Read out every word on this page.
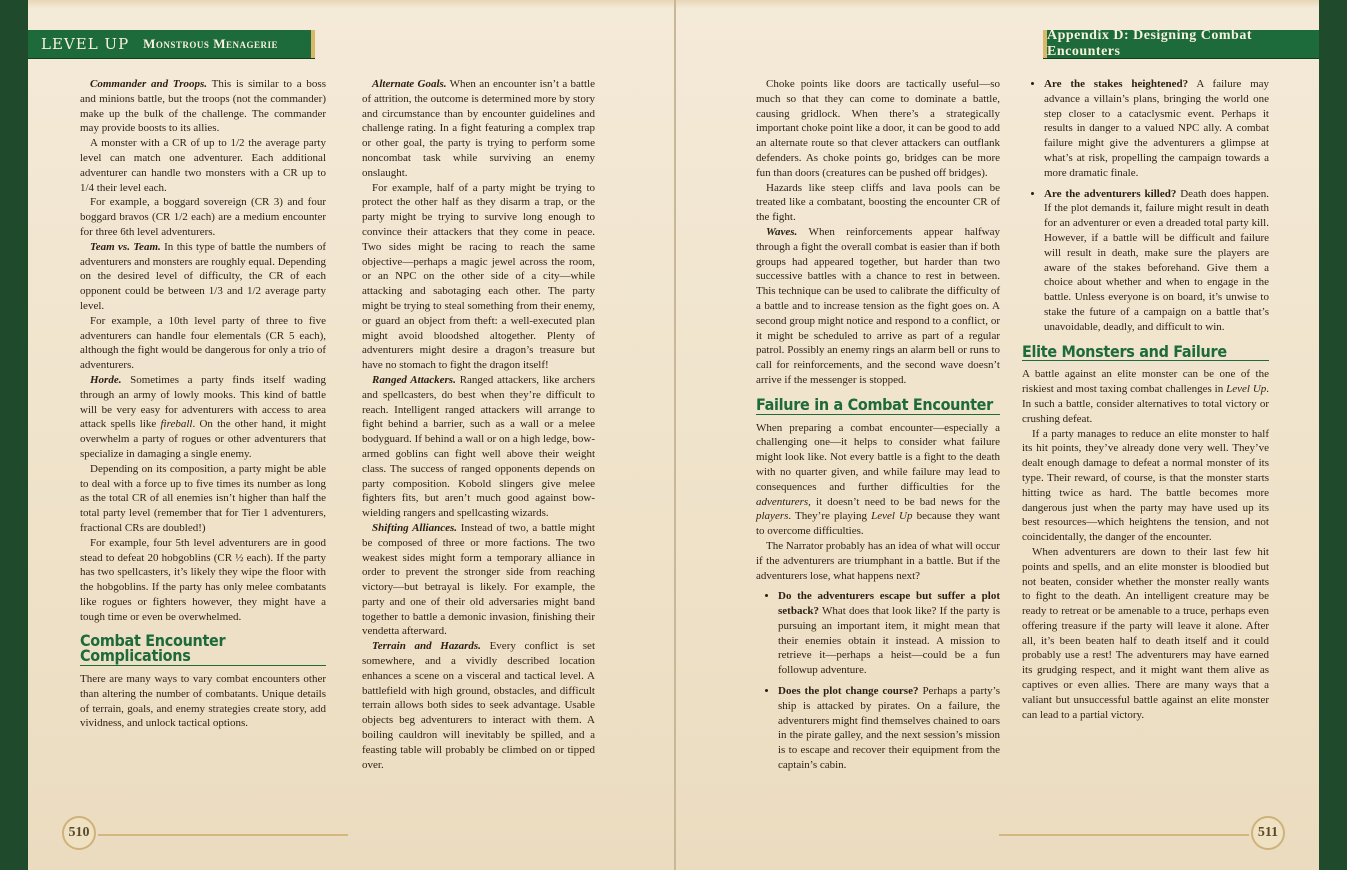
LEVEL UP Monstrous Menagerie

Commander and Troops. This is similar to a boss and minions battle, but the troops (not the commander) make up the bulk of the challenge. The commander may provide boosts to its allies.

A monster with a CR of up to 1/2 the average party level can match one adventurer. Each additional adventurer can handle two monsters with a CR up to 1/4 their level each.

For example, a boggard sovereign (CR 3) and four boggard bravos (CR 1/2 each) are a medium encounter for three 6th level adventurers.

Team vs. Team. In this type of battle the numbers of adventurers and monsters are roughly equal. Depending on the desired level of difficulty, the CR of each opponent could be between 1/3 and 1/2 average party level.

For example, a 10th level party of three to five adventurers can handle four elementals (CR 5 each), although the fight would be dangerous for only a trio of adventurers.

Horde. Sometimes a party finds itself wading through an army of lowly mooks. This kind of battle will be very easy for adventurers with access to area attack spells like fireball. On the other hand, it might overwhelm a party of rogues or other adventurers that specialize in damaging a single enemy.

Depending on its composition, a party might be able to deal with a force up to five times its number as long as the total CR of all enemies isn’t higher than half the total party level (remember that for Tier 1 adventurers, fractional CRs are doubled!)

For example, four 5th level adventurers are in good stead to defeat 20 hobgoblins (CR ½ each). If the party has two spellcasters, it’s likely they wipe the floor with the hobgoblins. If the party has only melee combatants like rogues or fighters however, they might have a tough time or even be overwhelmed.

Combat Encounter Complications

There are many ways to vary combat encounters other than altering the number of combatants. Unique details of terrain, goals, and enemy strategies create story, add vividness, and unlock tactical options.

Alternate Goals. When an encounter isn’t a battle of attrition, the outcome is determined more by story and circumstance than by encounter guidelines and challenge rating. In a fight featuring a complex trap or other goal, the party is trying to perform some noncombat task while surviving an enemy onslaught.

For example, half of a party might be trying to protect the other half as they disarm a trap, or the party might be trying to survive long enough to convince their attackers that they come in peace. Two sides might be racing to reach the same objective—perhaps a magic jewel across the room, or an NPC on the other side of a city—while attacking and sabotaging each other. The party might be trying to steal something from their enemy, or guard an object from theft: a well-executed plan might avoid bloodshed altogether. Plenty of adventurers might desire a dragon’s treasure but have no stomach to fight the dragon itself!

Ranged Attackers. Ranged attackers, like archers and spellcasters, do best when they’re difficult to reach. Intelligent ranged attackers will arrange to fight behind a barrier, such as a wall or a melee bodyguard. If behind a wall or on a high ledge, bow-armed goblins can fight well above their weight class. The success of ranged opponents depends on party composition. Kobold slingers give melee fighters fits, but aren’t much good against bow-wielding rangers and spellcasting wizards.

Shifting Alliances. Instead of two, a battle might be composed of three or more factions. The two weakest sides might form a temporary alliance in order to prevent the stronger side from reaching victory—but betrayal is likely. For example, the party and one of their old adversaries might band together to battle a demonic invasion, finishing their vendetta afterward.

Terrain and Hazards. Every conflict is set somewhere, and a vividly described location enhances a scene on a visceral and tactical level. A battlefield with high ground, obstacles, and difficult terrain allows both sides to seek advantage. Usable objects beg adventurers to interact with them. A boiling cauldron will inevitably be spilled, and a feasting table will probably be climbed on or tipped over.

510
Appendix D: Designing Combat Encounters

Choke points like doors are tactically useful—so much so that they can come to dominate a battle, causing gridlock. When there’s a strategically important choke point like a door, it can be good to add an alternate route so that clever attackers can outflank defenders. As choke points go, bridges can be more fun than doors (creatures can be pushed off bridges).

Hazards like steep cliffs and lava pools can be treated like a combatant, boosting the encounter CR of the fight.

Waves. When reinforcements appear halfway through a fight the overall combat is easier than if both groups had appeared together, but harder than two successive battles with a chance to rest in between. This technique can be used to calibrate the difficulty of a battle and to increase tension as the fight goes on. A second group might notice and respond to a conflict, or it might be scheduled to arrive as part of a regular patrol. Possibly an enemy rings an alarm bell or runs to call for reinforcements, and the second wave doesn’t arrive if the messenger is stopped.

Failure in a Combat Encounter

When preparing a combat encounter—especially a challenging one—it helps to consider what failure might look like. Not every battle is a fight to the death with no quarter given, and while failure may lead to consequences and further difficulties for the adventurers, it doesn’t need to be bad news for the players. They’re playing Level Up because they want to overcome difficulties.

The Narrator probably has an idea of what will occur if the adventurers are triumphant in a battle. But if the adventurers lose, what happens next?

• Do the adventurers escape but suffer a plot setback? What does that look like? If the party is pursuing an important item, it might mean that their enemies obtain it instead. A mission to retrieve it—perhaps a heist—could be a fun followup adventure.
• Does the plot change course? Perhaps a party’s ship is attacked by pirates. On a failure, the adventurers might find themselves chained to oars in the pirate galley, and the next session’s mission is to escape and recover their equipment from the captain’s cabin.
• Are the stakes heightened? A failure may advance a villain’s plans, bringing the world one step closer to a cataclysmic event. Perhaps it results in danger to a valued NPC ally. A combat failure might give the adventurers a glimpse at what’s at risk, propelling the campaign towards a more dramatic finale.
• Are the adventurers killed? Death does happen. If the plot demands it, failure might result in death for an adventurer or even a dreaded total party kill. However, if a battle will be difficult and failure will result in death, make sure the players are aware of the stakes beforehand. Give them a choice about whether and when to engage in the battle. Unless everyone is on board, it’s unwise to stake the future of a campaign on a battle that’s unavoidable, deadly, and difficult to win.
Elite Monsters and Failure

A battle against an elite monster can be one of the riskiest and most taxing combat challenges in Level Up. In such a battle, consider alternatives to total victory or crushing defeat.

If a party manages to reduce an elite monster to half its hit points, they’ve already done very well. They’ve dealt enough damage to defeat a normal monster of its type. Their reward, of course, is that the monster starts hitting twice as hard. The battle becomes more dangerous just when the party may have used up its best resources—which heightens the tension, and not coincidentally, the danger of the encounter.

When adventurers are down to their last few hit points and spells, and an elite monster is bloodied but not beaten, consider whether the monster really wants to fight to the death. An intelligent creature may be ready to retreat or be amenable to a truce, perhaps even offering treasure if the party will leave it alone. After all, it’s been beaten half to death itself and it could probably use a rest! The adventurers may have earned its grudging respect, and it might want them alive as captives or even allies. There are many ways that a valiant but unsuccessful battle against an elite monster can lead to a partial victory.

511
